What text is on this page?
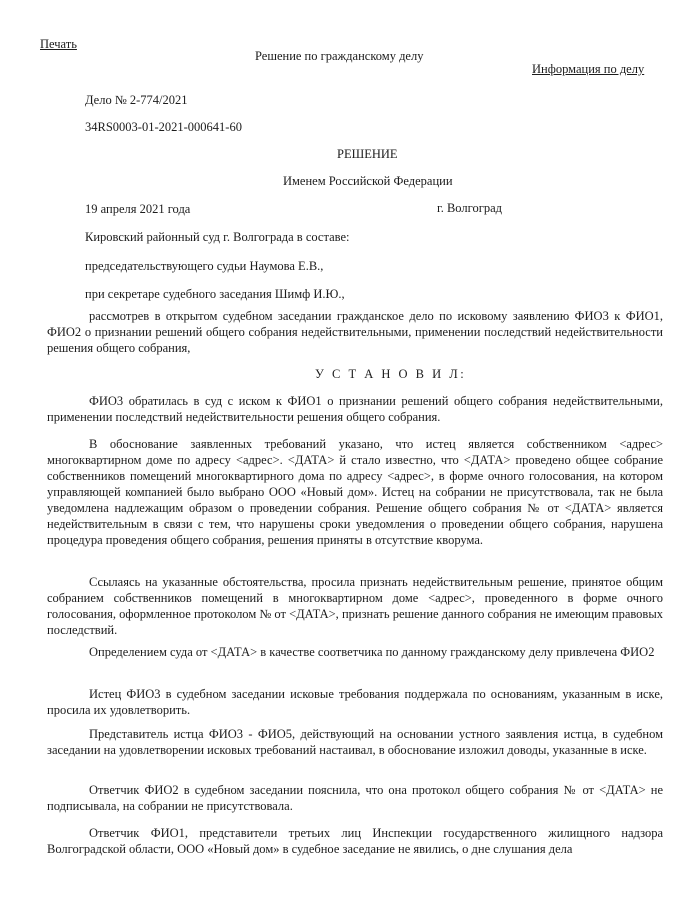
Печать
Решение по гражданскому делу
Информация по делу
Дело № 2-774/2021
34RS0003-01-2021-000641-60
РЕШЕНИЕ
Именем Российской Федерации
19 апреля 2021 года	г. Волгоград
Кировский районный суд г. Волгограда в составе:
председательствующего судьи Наумова Е.В.,
при секретаре судебного заседания Шимф И.Ю.,
рассмотрев в открытом судебном заседании гражданское дело по исковому заявлению ФИО3 к ФИО1, ФИО2 о признании решений общего собрания недействительными, применении последствий недействительности решения общего собрания,
У С Т А Н О В И Л:
ФИО3 обратилась в суд с иском к ФИО1 о признании решений общего собрания недействительными, применении последствий недействительности решения общего собрания.
В обоснование заявленных требований указано, что истец является собственником <адрес> многоквартирном доме по адресу <адрес>. <ДАТА> й стало известно, что <ДАТА> проведено общее собрание собственников помещений многоквартирного дома по адресу <адрес>, в форме очного голосования, на котором управляющей компанией было выбрано ООО «Новый дом». Истец на собрании не присутствовала, так не была уведомлена надлежащим образом о проведении собрания. Решение общего собрания № от <ДАТА> является недействительным в связи с тем, что нарушены сроки уведомления о проведении общего собрания, нарушена процедура проведения общего собрания, решения приняты в отсутствие кворума.
Ссылаясь на указанные обстоятельства, просила признать недействительным решение, принятое общим собранием собственников помещений в многоквартирном доме <адрес>, проведенного в форме очного голосования, оформленное протоколом № от <ДАТА>, признать решение данного собрания не имеющим правовых последствий.
Определением суда от <ДАТА> в качестве соответчика по данному гражданскому делу привлечена ФИО2
Истец ФИО3 в судебном заседании исковые требования поддержала по основаниям, указанным в иске, просила их удовлетворить.
Представитель истца ФИО3 - ФИО5, действующий на основании устного заявления истца, в судебном заседании на удовлетворении исковых требований настаивал, в обоснование изложил доводы, указанные в иске.
Ответчик ФИО2 в судебном заседании пояснила, что она протокол общего собрания № от <ДАТА> не подписывала, на собрании не присутствовала.
Ответчик ФИО1, представители третьих лиц Инспекции государственного жилищного надзора Волгоградской области, ООО «Новый дом» в судебное заседание не явились, о дне слушания дела
